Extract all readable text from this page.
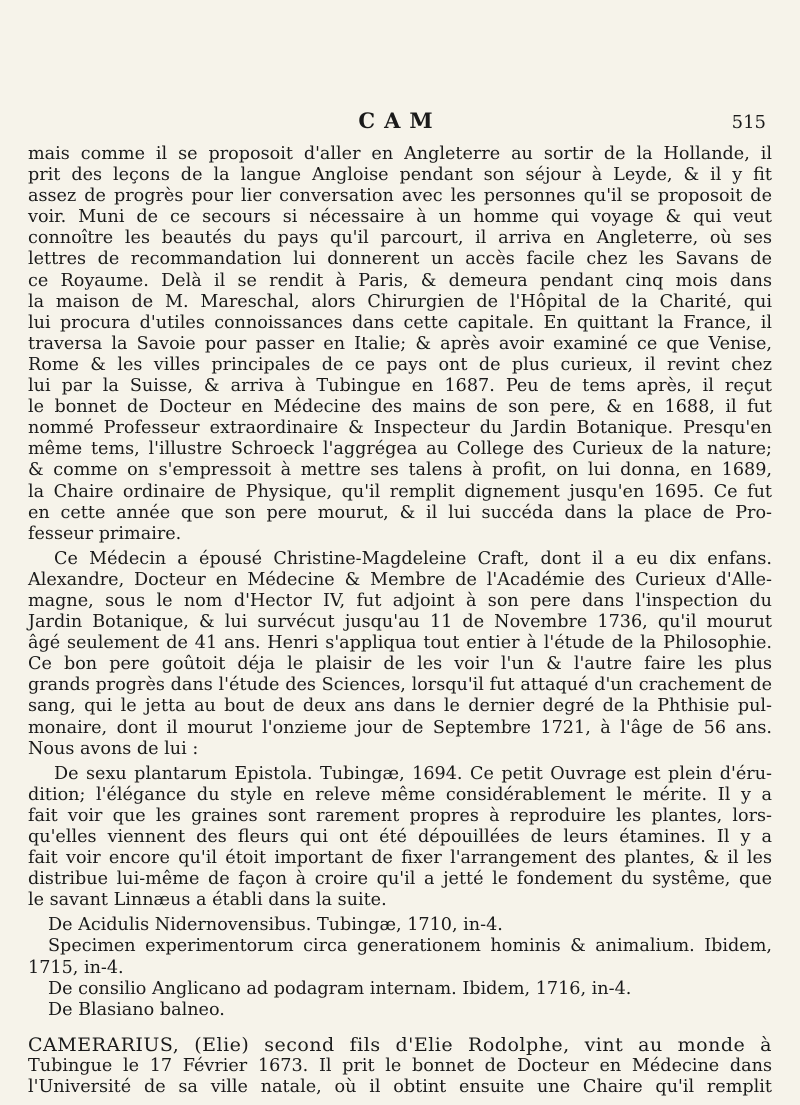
CAM	515
mais comme il se proposoit d'aller en Angleterre au sortir de la Hollande, il
prit des leçons de la langue Angloise pendant son séjour à Leyde, & il y fit
assez de progrès pour lier conversation avec les personnes qu'il se proposoit de
voir. Muni de ce secours si nécessaire à un homme qui voyage & qui veut
connoître les beautés du pays qu'il parcourt, il arriva en Angleterre, où ses
lettres de recommandation lui donnerent un accès facile chez les Savans de
ce Royaume. Delà il se rendit à Paris, & demeura pendant cinq mois dans
la maison de M. Mareschal, alors Chirurgien de l'Hôpital de la Charité, qui
lui procura d'utiles connoissances dans cette capitale. En quittant la France, il
traversa la Savoie pour passer en Italie; & après avoir examiné ce que Venise,
Rome & les villes principales de ce pays ont de plus curieux, il revint chez
lui par la Suisse, & arriva à Tubingue en 1687. Peu de tems après, il reçut
le bonnet de Docteur en Médecine des mains de son pere, & en 1688, il fut
nommé Professeur extraordinaire & Inspecteur du Jardin Botanique. Presqu'en
même tems, l'illustre Schroeck l'aggrégea au College des Curieux de la nature;
& comme on s'empressoit à mettre ses talens à profit, on lui donna, en 1689,
la Chaire ordinaire de Physique, qu'il remplit dignement jusqu'en 1695. Ce fut
en cette année que son pere mourut, & il lui succéda dans la place de Pro-
fesseur primaire.
Ce Médecin a épousé Christine-Magdeleine Craft, dont il a eu dix enfans.
Alexandre, Docteur en Médecine & Membre de l'Académie des Curieux d'Alle-
magne, sous le nom d'Hector IV, fut adjoint à son pere dans l'inspection du
Jardin Botanique, & lui survécut jusqu'au 11 de Novembre 1736, qu'il mourut
âgé seulement de 41 ans. Henri s'appliqua tout entier à l'étude de la Philosophie.
Ce bon pere goûtoit déja le plaisir de les voir l'un & l'autre faire les plus
grands progrès dans l'étude des Sciences, lorsqu'il fut attaqué d'un crachement de
sang, qui le jetta au bout de deux ans dans le dernier degré de la Phthisie pul-
monaire, dont il mourut l'onzieme jour de Septembre 1721, à l'âge de 56 ans.
Nous avons de lui :
De sexu plantarum Epistola. Tubingæ, 1694. Ce petit Ouvrage est plein d'éru-
dition; l'élégance du style en releve même considérablement le mérite. Il y a
fait voir que les graines sont rarement propres à reproduire les plantes, lors-
qu'elles viennent des fleurs qui ont été dépouillées de leurs étamines. Il y a
fait voir encore qu'il étoit important de fixer l'arrangement des plantes, & il les
distribue lui-même de façon à croire qu'il a jetté le fondement du systême, que
le savant Linnæus a établi dans la suite.
De Acidulis Nidernovensibus. Tubingæ, 1710, in-4.
Specimen experimentorum circa generationem hominis & animalium. Ibidem,
1715, in-4.
De consilio Anglicano ad podagram internam. Ibidem, 1716, in-4.
De Blasiano balneo.
CAMERARIUS, (Elie) second fils d'Elie Rodolphe, vint au monde à
Tubingue le 17 Février 1673. Il prit le bonnet de Docteur en Médecine dans
l'Université de sa ville natale, où il obtint ensuite une Chaire qu'il remplit
